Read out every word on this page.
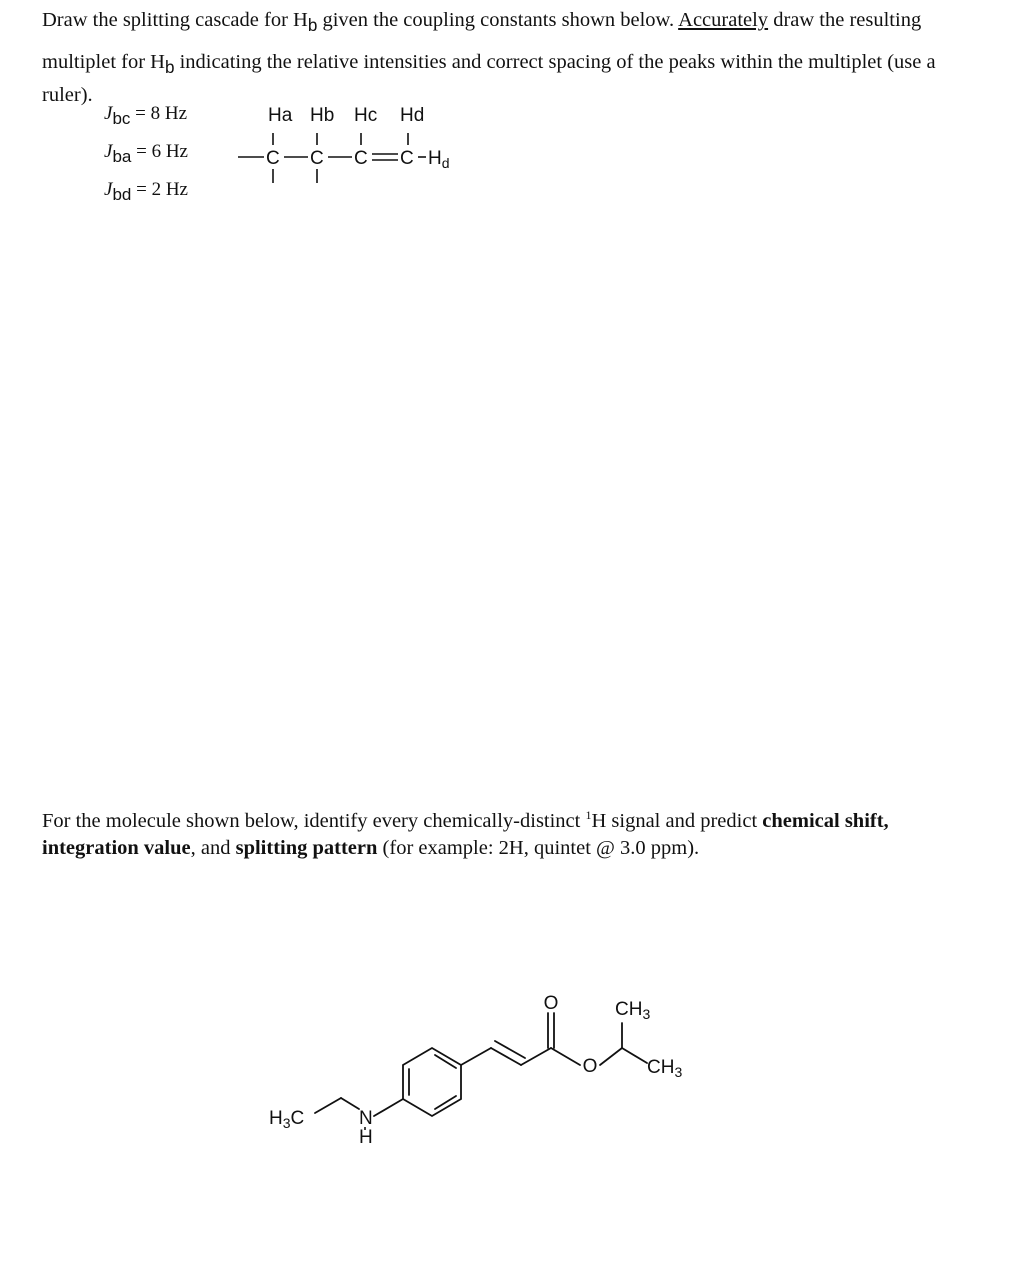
Draw the splitting cascade for $H_b$ given the coupling constants shown below. Accurately draw the resulting
multiplet for $H_b$ indicating the relative intensities and correct spacing of the peaks within the multiplet (use a
ruler).
$J_{bc} = 8$ Hz
$J_{ba} = 6$ Hz
$J_{bd} = 2$ Hz
Ha Hb Hc Hd
C C C C $H_d$
For the molecule shown below, identify every chemically-distinct $^1$H signal and predict chemical shift,
integration value, and splitting pattern (for example: 2H, quintet @ 3.0 ppm).
O
O
$CH_3$
$CH_3$
$H_3C$	N
H
